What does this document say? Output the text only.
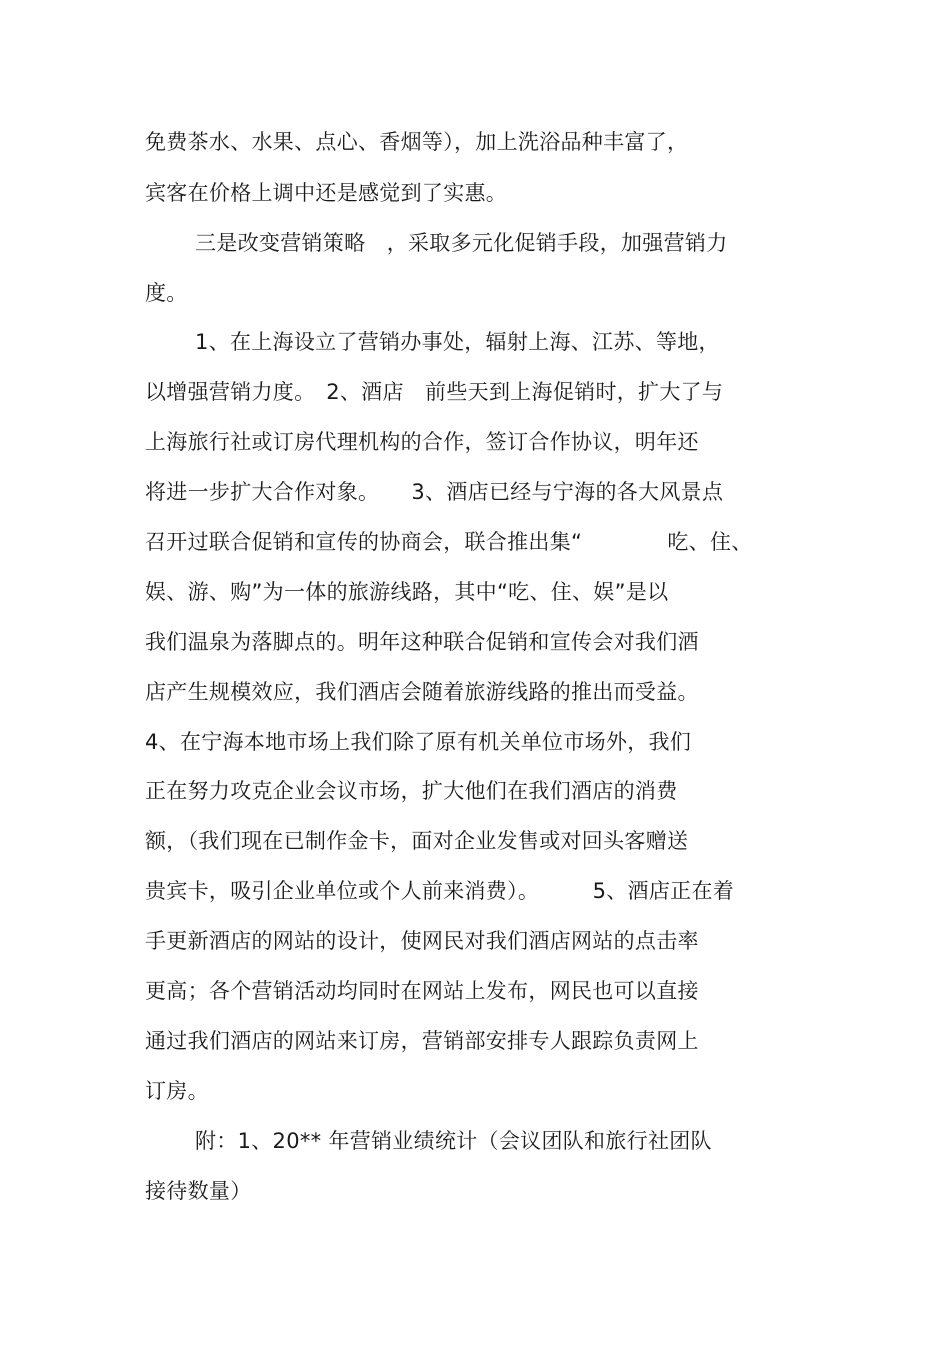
免费茶水、水果、点心、香烟等），加上洗浴品种丰富了，
宾客在价格上调中还是感觉到了实惠。
三是改变营销策略　，采取多元化促销手段，加强营销力
度。
1、在上海设立了营销办事处，辐射上海、江苏、等地，
以增强营销力度。　2、酒店　前些天到上海促销时，扩大了与
上海旅行社或订房代理机构的合作，签订合作协议，明年还
将进一步扩大合作对象。　　3、酒店已经与宁海的各大风景点
召开过联合促销和宣传的协商会，联合推出集“　　　　吃、住、
娱、游、购”为一体的旅游线路，其中“吃、住、娱”是以
我们温泉为落脚点的。明年这种联合促销和宣传会对我们酒
店产生规模效应，我们酒店会随着旅游线路的推出而受益。
4、在宁海本地市场上我们除了原有机关单位市场外，我们
正在努力攻克企业会议市场，扩大他们在我们酒店的消费
额，（我们现在已制作金卡，面对企业发售或对回头客赠送
贵宾卡，吸引企业单位或个人前来消费）。　　　5、酒店正在着
手更新酒店的网站的设计，使网民对我们酒店网站的点击率
更高；各个营销活动均同时在网站上发布，网民也可以直接
通过我们酒店的网站来订房，营销部安排专人跟踪负责网上
订房。
附：1、20** 年营销业绩统计（会议团队和旅行社团队
接待数量）
